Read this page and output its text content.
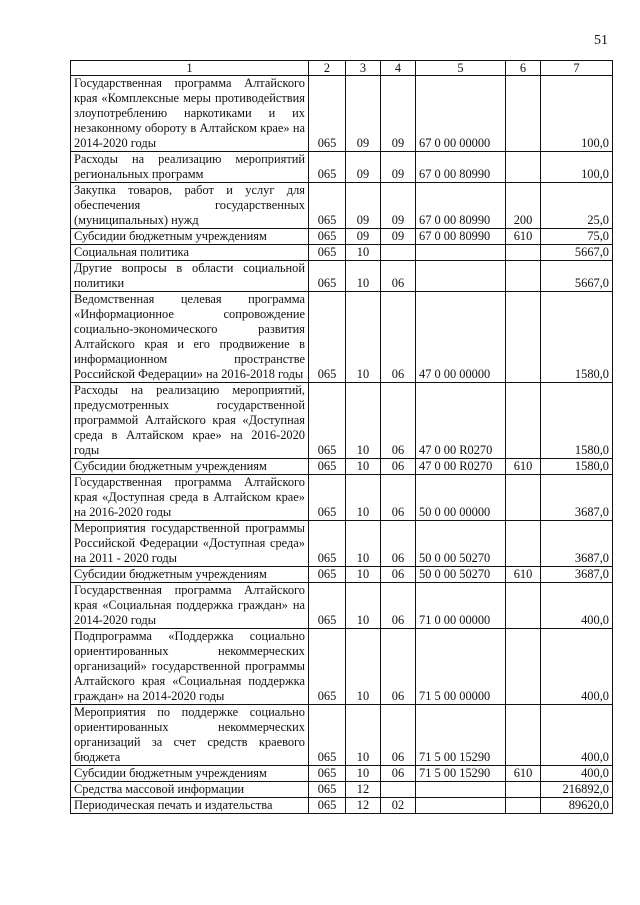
51
1	2	3	4	5	6	7
Государственная программа Алтайского края «Комплексные меры противодействия злоупотреблению наркотиками и их незаконному обороту в Алтайском крае» на 2014-2020 годы	065	09	09	67 0 00 00000		100,0
Расходы на реализацию мероприятий региональных программ	065	09	09	67 0 00 80990		100,0
Закупка товаров, работ и услуг для обеспечения государственных (муниципальных) нужд	065	09	09	67 0 00 80990	200	25,0
Субсидии бюджетным учреждениям	065	09	09	67 0 00 80990	610	75,0
Социальная политика	065	10				5667,0
Другие вопросы в области социальной политики	065	10	06			5667,0
Ведомственная целевая программа «Информационное сопровождение социально-экономического развития Алтайского края и его продвижение в информационном пространстве Российской Федерации» на 2016-2018 годы	065	10	06	47 0 00 00000		1580,0
Расходы на реализацию мероприятий, предусмотренных государственной программой Алтайского края «Доступная среда в Алтайском крае» на 2016-2020 годы	065	10	06	47 0 00 R0270		1580,0
Субсидии бюджетным учреждениям	065	10	06	47 0 00 R0270	610	1580,0
Государственная программа Алтайского края «Доступная среда в Алтайском крае» на 2016-2020 годы	065	10	06	50 0 00 00000		3687,0
Мероприятия государственной программы Российской Федерации «Доступная среда» на 2011 - 2020 годы	065	10	06	50 0 00 50270		3687,0
Субсидии бюджетным учреждениям	065	10	06	50 0 00 50270	610	3687,0
Государственная программа Алтайского края «Социальная поддержка граждан» на 2014-2020 годы	065	10	06	71 0 00 00000		400,0
Подпрограмма «Поддержка социально ориентированных некоммерческих организаций» государственной программы Алтайского края «Социальная поддержка граждан» на 2014-2020 годы	065	10	06	71 5 00 00000		400,0
Мероприятия по поддержке социально ориентированных некоммерческих организаций за счет средств краевого бюджета	065	10	06	71 5 00 15290		400,0
Субсидии бюджетным учреждениям	065	10	06	71 5 00 15290	610	400,0
Средства массовой информации	065	12				216892,0
Периодическая печать и издательства	065	12	02			89620,0
